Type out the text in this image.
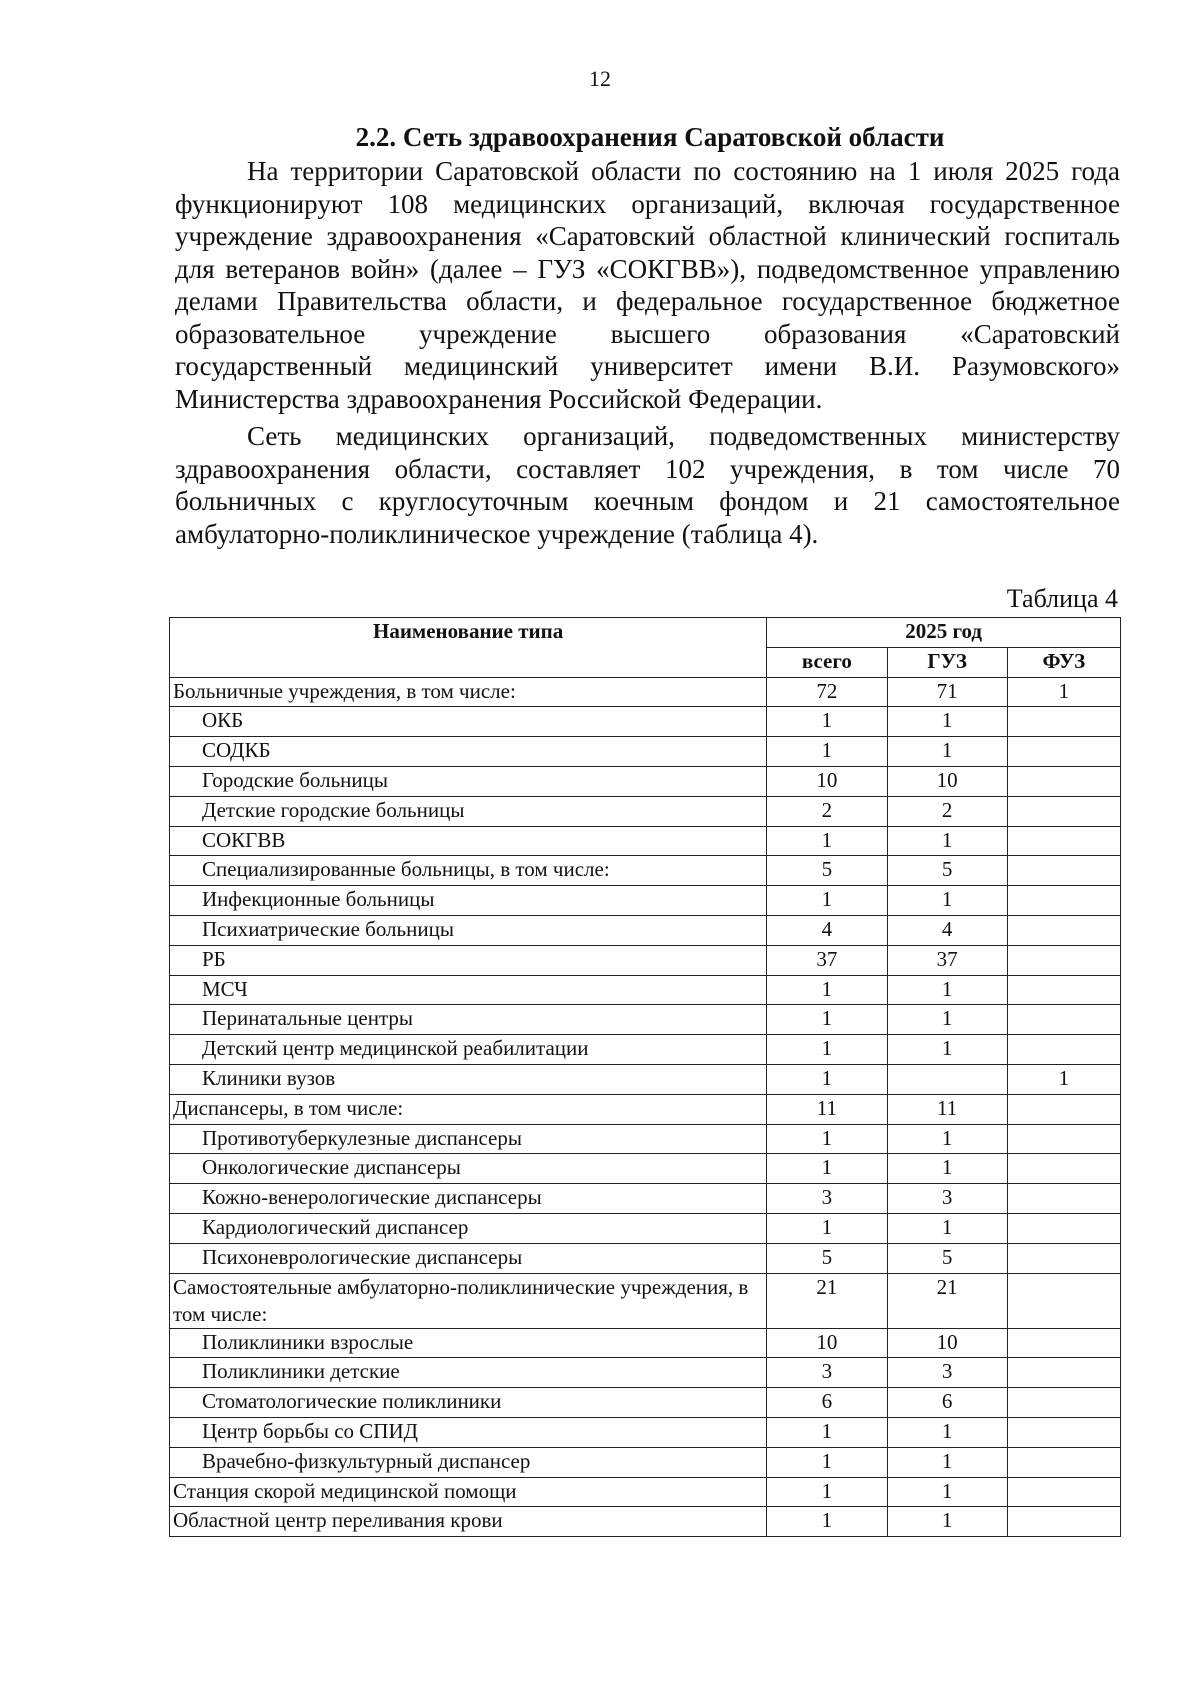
12
2.2. Сеть здравоохранения Саратовской области

На территории Саратовской области по состоянию на 1 июля 2025 года функционируют 108 медицинских организаций, включая государственное учреждение здравоохранения «Саратовский областной клинический госпиталь для ветеранов войн» (далее – ГУЗ «СОКГВВ»), подведомственное управлению делами Правительства области, и федеральное государственное бюджетное образовательное учреждение высшего образования «Саратовский государственный медицинский университет имени В.И. Разумовского» Министерства здравоохранения Российской Федерации.

Сеть медицинских организаций, подведомственных министерству здравоохранения области, составляет 102 учреждения, в том числе 70 больничных с круглосуточным коечным фондом и 21 самостоятельное амбулаторно-поликлиническое учреждение (таблица 4).

Таблица 4
Наименование типа	2025 год		
	всего	ГУЗ	ФУЗ
Больничные учреждения, в том числе:	72	71	1
ОКБ	1	1	
СОДКБ	1	1	
Городские больницы	10	10	
Детские городские больницы	2	2	
СОКГВВ	1	1	
Специализированные больницы, в том числе:	5	5	
Инфекционные больницы	1	1	
Психиатрические больницы	4	4	
РБ	37	37	
МСЧ	1	1	
Перинатальные центры	1	1	
Детский центр медицинской реабилитации	1	1	
Клиники вузов	1		1
Диспансеры, в том числе:	11	11	
Противотуберкулезные диспансеры	1	1	
Онкологические диспансеры	1	1	
Кожно-венерологические диспансеры	3	3	
Кардиологический диспансер	1	1	
Психоневрологические диспансеры	5	5	
Самостоятельные амбулаторно-поликлинические учреждения, в том числе:	21	21	
Поликлиники взрослые	10	10	
Поликлиники детские	3	3	
Стоматологические поликлиники	6	6	
Центр борьбы со СПИД	1	1	
Врачебно-физкультурный диспансер	1	1	
Станция скорой медицинской помощи	1	1	
Областной центр переливания крови	1	1	
